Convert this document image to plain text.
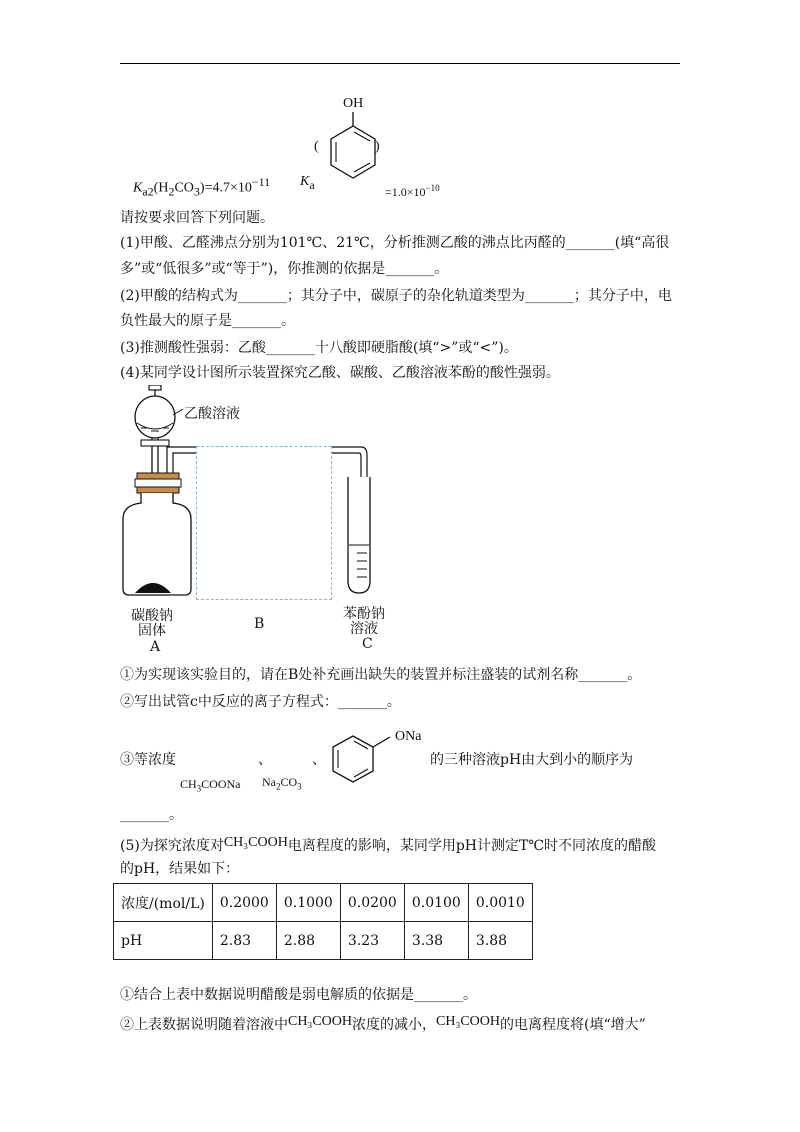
$K_{a2}(H_2CO_3)=4.7\times 10^{-11}$ $K_a$
(	)
OH
$=1.0\times 10^{-10}$
请按要求回答下列问题。
(1)甲酸、乙醛沸点分别为101℃、21℃，分析推测乙酸的沸点比丙醛的_______(填“高很
多”或“低很多”或“等于”)，你推测的依据是_______。
(2)甲酸的结构式为_______；其分子中，碳原子的杂化轨道类型为_______；其分子中，电
负性最大的原子是_______。
(3)推测酸性强弱：乙酸_______十八酸即硬脂酸(填“>”或“<”)。
(4)某同学设计图所示装置探究乙酸、碳酸、乙酸溶液苯酚的酸性强弱。
乙酸溶液
碳酸钠
固体
A
B
苯酚钠
溶液
C
①为实现该实验目的，请在B处补充画出缺失的装置并标注盛装的试剂名称_______。
②写出试管c中反应的离子方程式：_______。
③等浓度	、	、
ONa
的三种溶液pH由大到小的顺序为
$CH_3COONa$ $Na_2CO_3$
_______。
(5)为探究浓度对CH₃COOH电离程度的影响，某同学用pH计测定T℃时不同浓度的醋酸
的pH，结果如下：
浓度/(mol/L)	0.2000	0.1000	0.0200	0.0100	0.0010
pH	2.83	2.88	3.23	3.38	3.88
①结合上表中数据说明醋酸是弱电解质的依据是_______。
②上表数据说明随着溶液中CH₃COOH浓度的减小，CH₃COOH的电离程度将(填“增大”
